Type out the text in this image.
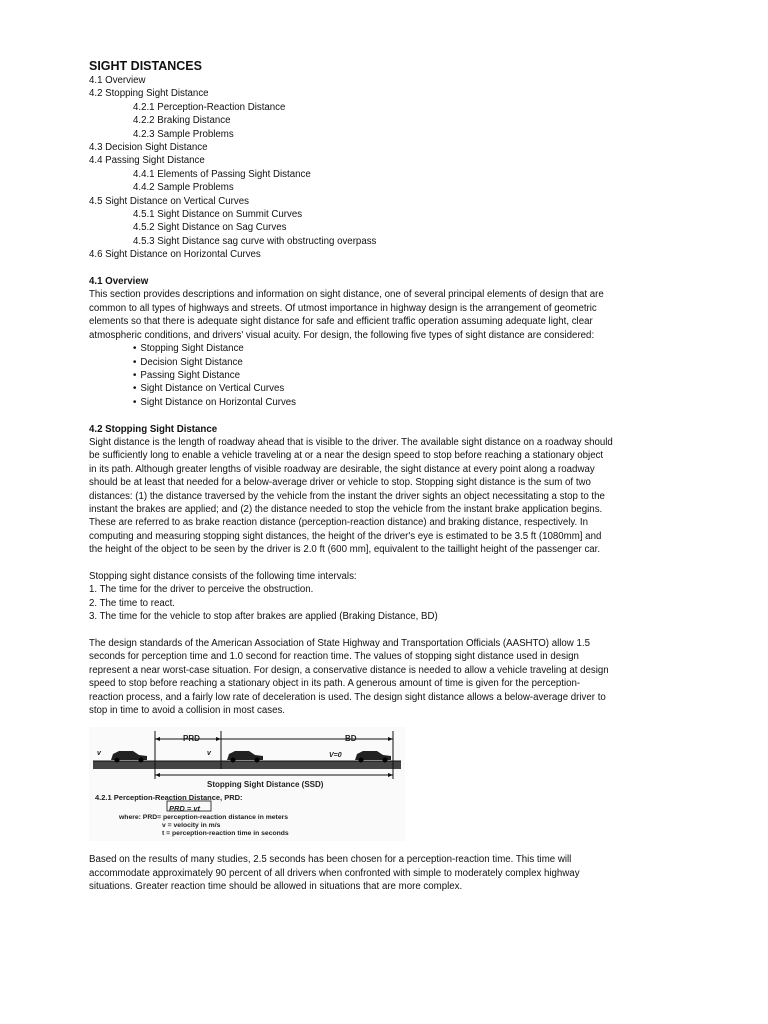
SIGHT DISTANCES
4.1 Overview
4.2 Stopping Sight Distance
4.2.1 Perception-Reaction Distance
4.2.2 Braking Distance
4.2.3 Sample Problems
4.3 Decision Sight Distance
4.4 Passing Sight Distance
4.4.1 Elements of Passing Sight Distance
4.4.2 Sample Problems
4.5 Sight Distance on Vertical Curves
4.5.1 Sight Distance on Summit Curves
4.5.2 Sight Distance on Sag Curves
4.5.3 Sight Distance sag curve with obstructing overpass
4.6 Sight Distance on Horizontal Curves
4.1 Overview

This section provides descriptions and information on sight distance, one of several principal elements of design that are

common to all types of highways and streets. Of utmost importance in highway design is the arrangement of geometric

elements so that there is adequate sight distance for safe and efficient traffic operation assuming adequate light, clear

atmospheric conditions, and drivers' visual acuity. For design, the following five types of sight distance are considered:

• Stopping Sight Distance
• Decision Sight Distance
• Passing Sight Distance
• Sight Distance on Vertical Curves
• Sight Distance on Horizontal Curves
4.2 Stopping Sight Distance

Sight distance is the length of roadway ahead that is visible to the driver. The available sight distance on a roadway should

be sufficiently long to enable a vehicle traveling at or a near the design speed to stop before reaching a stationary object

in its path. Although greater lengths of visible roadway are desirable, the sight distance at every point along a roadway

should be at least that needed for a below-average driver or vehicle to stop. Stopping sight distance is the sum of two

distances: (1) the distance traversed by the vehicle from the instant the driver sights an object necessitating a stop to the

instant the brakes are applied; and (2) the distance needed to stop the vehicle from the instant brake application begins.

These are referred to as brake reaction distance (perception-reaction distance) and braking distance, respectively. In

computing and measuring stopping sight distances, the height of the driver's eye is estimated to be 3.5 ft (1080mm] and

the height of the object to be seen by the driver is 2.0 ft (600 mm], equivalent to the taillight height of the passenger car.

Stopping sight distance consists of the following time intervals:

1. The time for the driver to perceive the obstruction.
2. The time to react.
3. The time for the vehicle to stop after brakes are applied (Braking Distance, BD)

The design standards of the American Association of State Highway and Transportation Officials (AASHTO) allow 1.5

seconds for perception time and 1.0 second for reaction time. The values of stopping sight distance used in design

represent a near worst-case situation. For design, a conservative distance is needed to allow a vehicle traveling at design

speed to stop before reaching a stationary object in its path. A generous amount of time is given for the perception-

reaction process, and a fairly low rate of deceleration is used. The design sight distance allows a below-average driver to

stop in time to avoid a collision in most cases.

PRD	BD
v	v	V=0
Stopping Sight Distance (SSD)
4.2.1 Perception-Reaction Distance, PRD:
PRD = vt
where: PRD= perception-reaction distance in meters
v = velocity in m/s
t = perception-reaction time in seconds

Based on the results of many studies, 2.5 seconds has been chosen for a perception-reaction time. This time will

accommodate approximately 90 percent of all drivers when confronted with simple to moderately complex highway

situations. Greater reaction time should be allowed in situations that are more complex.
